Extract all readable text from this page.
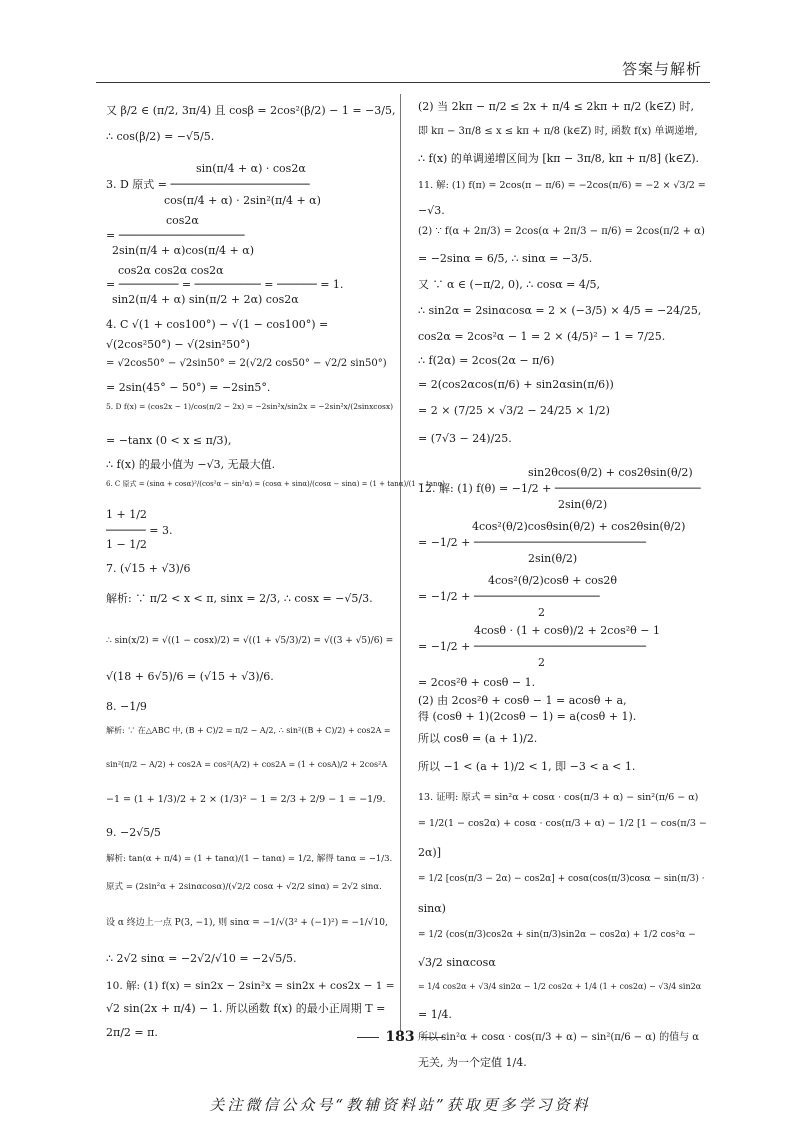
答案与解析
又 β/2 ∈ (π/2, 3π/4) 且 cosβ = 2cos²(β/2) − 1 = −3/5,
∴ cos(β/2) = −√5/5.
sin(π/4 + α) · cos2α
3. D 原式 = ─────────────────────
cos(π/4 + α) · 2sin²(π/4 + α)
cos2α
= ───────────────────
2sin(π/4 + α)cos(π/4 + α)
cos2α cos2α cos2α
= ───────── = ────────── = ────── = 1.
sin2(π/4 + α) sin(π/2 + 2α) cos2α
4. C √(1 + cos100°) − √(1 − cos100°) =
√(2cos²50°) − √(2sin²50°)
= √2cos50° − √2sin50° = 2(√2/2 cos50° − √2/2 sin50°)
= 2sin(45° − 50°) = −2sin5°.
5. D f(x) = (cos2x − 1)/cos(π/2 − 2x) = −2sin²x/sin2x = −2sin²x/(2sinxcosx)
= −tanx (0 < x ≤ π/3),
∴ f(x) 的最小值为 −√3, 无最大值.
6. C 原式 = (sinα + cosα)²/(cos²α − sin²α) = (cosα + sinα)/(cosα − sinα) = (1 + tanα)/(1 − tanα)
1 + 1/2
────── = 3.
1 − 1/2
7. (√15 + √3)/6
解析: ∵ π/2 < x < π, sinx = 2/3, ∴ cosx = −√5/3.
∴ sin(x/2) = √((1 − cosx)/2) = √((1 + √5/3)/2) = √((3 + √5)/6) =
√(18 + 6√5)/6 = (√15 + √3)/6.
8. −1/9
解析: ∵ 在△ABC 中, (B + C)/2 = π/2 − A/2, ∴ sin²((B + C)/2) + cos2A =
sin²(π/2 − A/2) + cos2A = cos²(A/2) + cos2A = (1 + cosA)/2 + 2cos²A
−1 = (1 + 1/3)/2 + 2 × (1/3)² − 1 = 2/3 + 2/9 − 1 = −1/9.
9. −2√5/5
解析: tan(α + π/4) = (1 + tanα)/(1 − tanα) = 1/2, 解得 tanα = −1/3.
原式 = (2sin²α + 2sinαcosα)/(√2/2 cosα + √2/2 sinα) = 2√2 sinα.
设 α 终边上一点 P(3, −1), 则 sinα = −1/√(3² + (−1)²) = −1/√10,
∴ 2√2 sinα = −2√2/√10 = −2√5/5.
10. 解: (1) f(x) = sin2x − 2sin²x = sin2x + cos2x − 1 =
√2 sin(2x + π/4) − 1. 所以函数 f(x) 的最小正周期 T =
2π/2 = π.
(2) 当 2kπ − π/2 ≤ 2x + π/4 ≤ 2kπ + π/2 (k∈Z) 时,
即 kπ − 3π/8 ≤ x ≤ kπ + π/8 (k∈Z) 时, 函数 f(x) 单调递增,
∴ f(x) 的单调递增区间为 [kπ − 3π/8, kπ + π/8] (k∈Z).
11. 解: (1) f(π) = 2cos(π − π/6) = −2cos(π/6) = −2 × √3/2 =
−√3.
(2) ∵ f(α + 2π/3) = 2cos(α + 2π/3 − π/6) = 2cos(π/2 + α)
= −2sinα = 6/5, ∴ sinα = −3/5.
又 ∵ α ∈ (−π/2, 0), ∴ cosα = 4/5,
∴ sin2α = 2sinαcosα = 2 × (−3/5) × 4/5 = −24/25,
cos2α = 2cos²α − 1 = 2 × (4/5)² − 1 = 7/25.
∴ f(2α) = 2cos(2α − π/6)
= 2(cos2αcos(π/6) + sin2αsin(π/6))
= 2 × (7/25 × √3/2 − 24/25 × 1/2)
= (7√3 − 24)/25.
sin2θcos(θ/2) + cos2θsin(θ/2)
12. 解: (1) f(θ) = −1/2 + ──────────────────────
2sin(θ/2)
4cos²(θ/2)cosθsin(θ/2) + cos2θsin(θ/2)
= −1/2 + ──────────────────────────
2sin(θ/2)
4cos²(θ/2)cosθ + cos2θ
= −1/2 + ───────────────────
2
4cosθ · (1 + cosθ)/2 + 2cos²θ − 1
= −1/2 + ──────────────────────────
2
= 2cos²θ + cosθ − 1.
(2) 由 2cos²θ + cosθ − 1 = acosθ + a,
得 (cosθ + 1)(2cosθ − 1) = a(cosθ + 1).
所以 cosθ = (a + 1)/2.
所以 −1 < (a + 1)/2 < 1, 即 −3 < a < 1.
13. 证明: 原式 = sin²α + cosα · cos(π/3 + α) − sin²(π/6 − α)
= 1/2(1 − cos2α) + cosα · cos(π/3 + α) − 1/2 [1 − cos(π/3 −
2α)]
= 1/2 [cos(π/3 − 2α) − cos2α] + cosα(cos(π/3)cosα − sin(π/3) ·
sinα)
= 1/2 (cos(π/3)cos2α + sin(π/3)sin2α − cos2α) + 1/2 cos²α −
√3/2 sinαcosα
= 1/4 cos2α + √3/4 sin2α − 1/2 cos2α + 1/4 (1 + cos2α) − √3/4 sin2α
= 1/4.
所以 sin²α + cosα · cos(π/3 + α) − sin²(π/6 − α) 的值与 α
无关, 为一个定值 1/4.
183
关注微信公众号“教辅资料站”获取更多学习资料
